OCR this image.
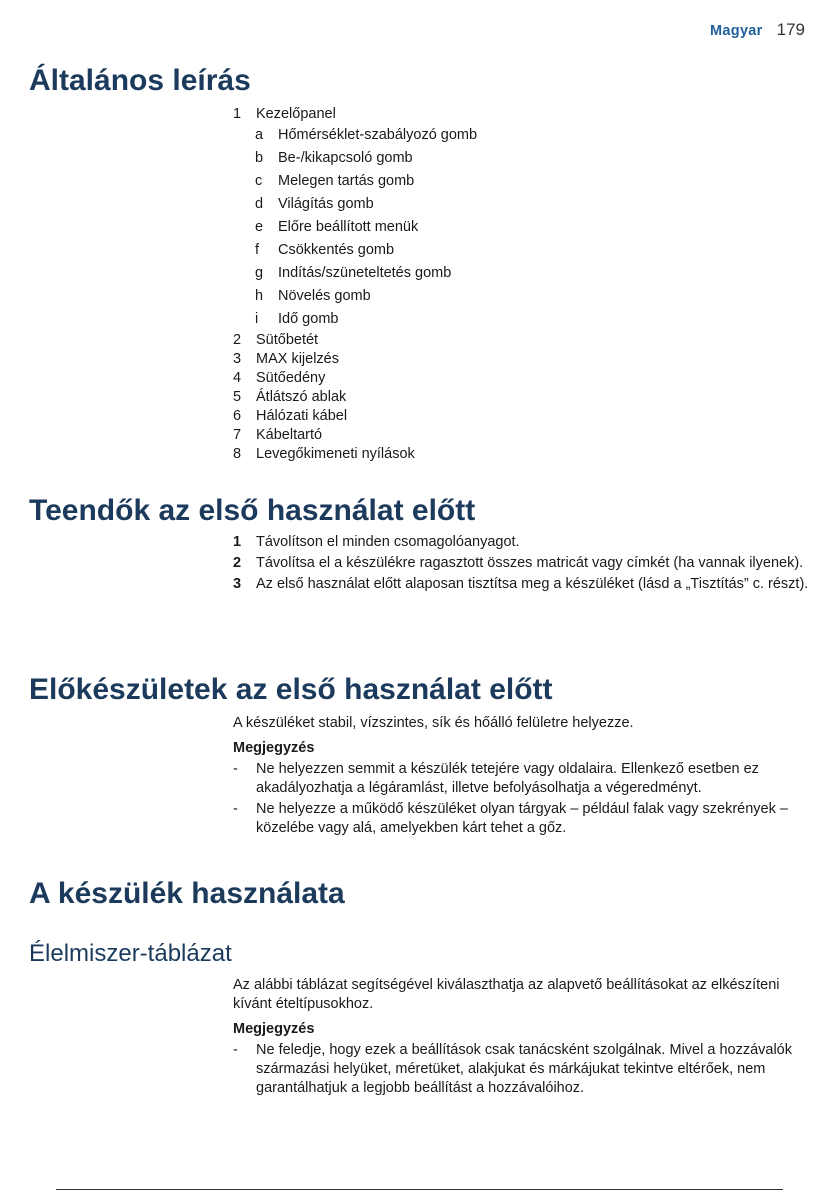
Magyar 179
Általános leírás
1	Kezelőpanel
a	Hőmérséklet-szabályozó gomb
b	Be-/kikapcsoló gomb
c	Melegen tartás gomb
d	Világítás gomb
e	Előre beállított menük
f	Csökkentés gomb
g	Indítás/szüneteltetés gomb
h	Növelés gomb
i	Idő gomb
2	Sütőbetét
3	MAX kijelzés
4	Sütőedény
5	Átlátszó ablak
6	Hálózati kábel
7	Kábeltartó
8	Levegőkimeneti nyílások
Teendők az első használat előtt
1	Távolítson el minden csomagolóanyagot.
2	Távolítsa el a készülékre ragasztott összes matricát vagy címkét (ha vannak ilyenek).
3	Az első használat előtt alaposan tisztítsa meg a készüléket (lásd a „Tisztítás” c. részt).
Előkészületek az első használat előtt

A készüléket stabil, vízszintes, sík és hőálló felületre helyezze.

Megjegyzés
-	Ne helyezzen semmit a készülék tetejére vagy oldalaira. Ellenkező esetben ez akadályozhatja a légáramlást, illetve befolyásolhatja a végeredményt.
-	Ne helyezze a működő készüléket olyan tárgyak – például falak vagy szekrények – közelébe vagy alá, amelyekben kárt tehet a gőz.
A készülék használata
Élelmiszer-táblázat

Az alábbi táblázat segítségével kiválaszthatja az alapvető beállításokat az elkészíteni kívánt ételtípusokhoz.

Megjegyzés
-	Ne feledje, hogy ezek a beállítások csak tanácsként szolgálnak. Mivel a hozzávalók származási helyüket, méretüket, alakjukat és márkájukat tekintve eltérőek, nem garantálhatjuk a legjobb beállítást a hozzávalóihoz.
